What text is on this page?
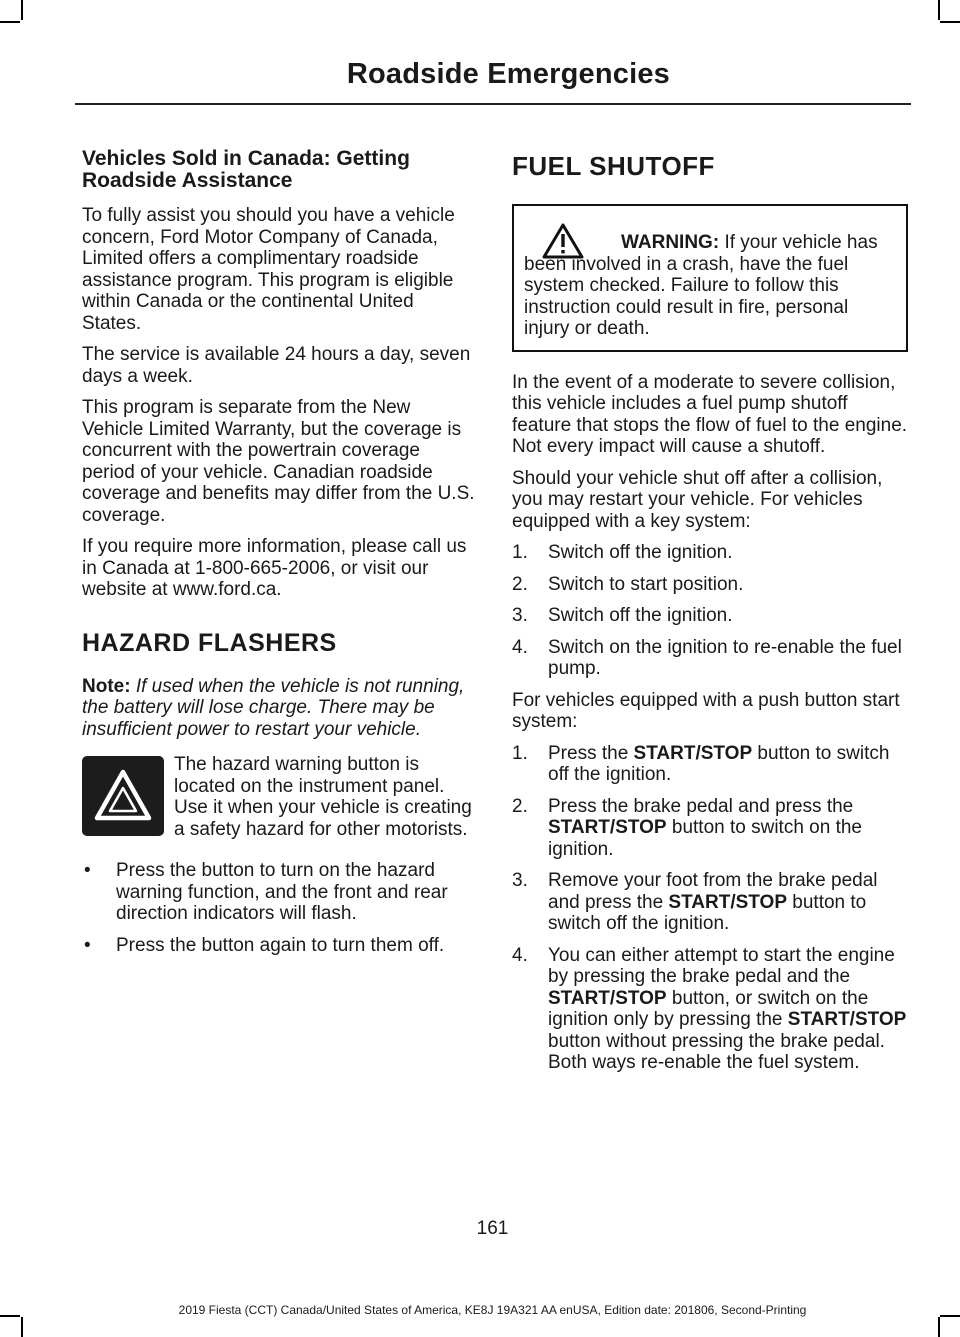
Roadside Emergencies
Vehicles Sold in Canada: Getting Roadside Assistance

To fully assist you should you have a vehicle concern, Ford Motor Company of Canada, Limited offers a complimentary roadside assistance program. This program is eligible within Canada or the continental United States.

The service is available 24 hours a day, seven days a week.

This program is separate from the New Vehicle Limited Warranty, but the coverage is concurrent with the powertrain coverage period of your vehicle. Canadian roadside coverage and benefits may differ from the U.S. coverage.

If you require more information, please call us in Canada at 1-800-665-2006, or visit our website at www.ford.ca.

HAZARD FLASHERS

Note: If used when the vehicle is not running, the battery will lose charge. There may be insufficient power to restart your vehicle.

The hazard warning button is located on the instrument panel. Use it when your vehicle is creating a safety hazard for other motorists.

• Press the button to turn on the hazard warning function, and the front and rear direction indicators will flash.
• Press the button again to turn them off.
FUEL SHUTOFF

WARNING: If your vehicle has been involved in a crash, have the fuel system checked. Failure to follow this instruction could result in fire, personal injury or death.

In the event of a moderate to severe collision, this vehicle includes a fuel pump shutoff feature that stops the flow of fuel to the engine. Not every impact will cause a shutoff.

Should your vehicle shut off after a collision, you may restart your vehicle. For vehicles equipped with a key system:

1. Switch off the ignition.
2. Switch to start position.
3. Switch off the ignition.
4. Switch on the ignition to re-enable the fuel pump.

For vehicles equipped with a push button start system:

1. Press the START/STOP button to switch off the ignition.
2. Press the brake pedal and press the START/STOP button to switch on the ignition.
3. Remove your foot from the brake pedal and press the START/STOP button to switch off the ignition.
4. You can either attempt to start the engine by pressing the brake pedal and the START/STOP button, or switch on the ignition only by pressing the START/STOP button without pressing the brake pedal. Both ways re-enable the fuel system.
161
2019 Fiesta (CCT) Canada/United States of America, KE8J 19A321 AA enUSA, Edition date: 201806, Second-Printing
